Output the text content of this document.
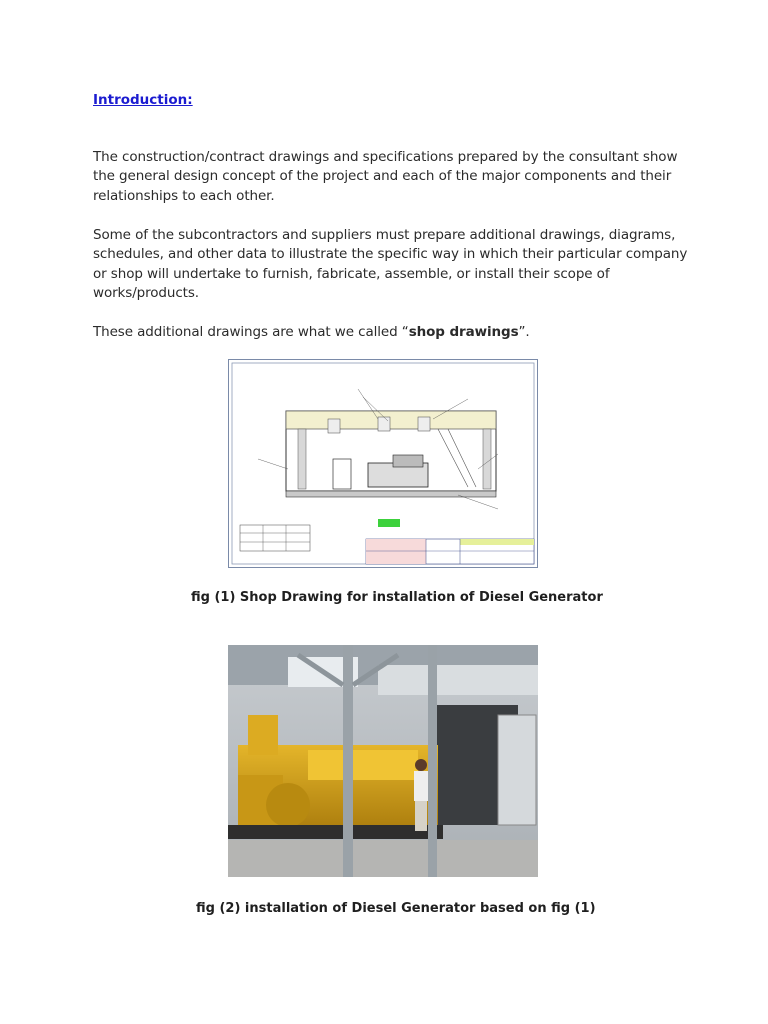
Introduction:

The construction/contract drawings and specifications prepared by the consultant show the general design concept of the project and each of the major components and their relationships to each other.

Some of the subcontractors and suppliers must prepare additional drawings, diagrams, schedules, and other data to illustrate the specific way in which their particular company or shop will undertake to furnish, fabricate, assemble, or install their scope of works/products.

These additional drawings are what we called “shop drawings”.

fig (1) Shop Drawing for installation of Diesel Generator
fig (2) installation of Diesel Generator based on fig (1)
